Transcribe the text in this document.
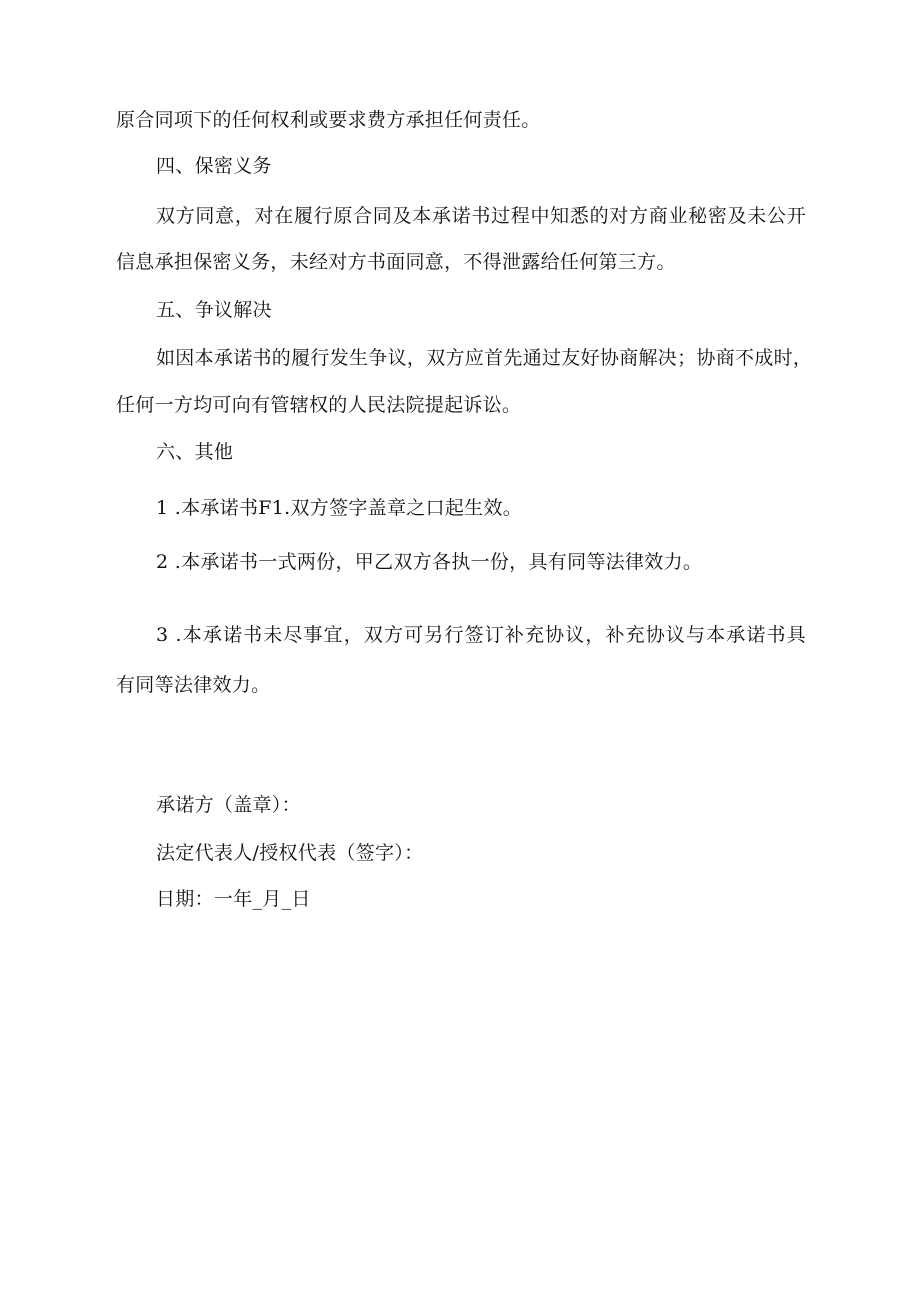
原合同项下的任何权利或要求费方承担任何责任。
四、保密义务
双方同意，对在履行原合同及本承诺书过程中知悉的对方商业秘密及未公开
信息承担保密义务，未经对方书面同意，不得泄露给任何第三方。
五、争议解决
如因本承诺书的履行发生争议，双方应首先通过友好协商解决；协商不成时，
任何一方均可向有管辖权的人民法院提起诉讼。
六、其他
1 .本承诺书F1.双方签字盖章之口起生效。
2 .本承诺书一式两份，甲乙双方各执一份，具有同等法律效力。
3 .本承诺书未尽事宜，双方可另行签订补充协议，补充协议与本承诺书具
有同等法律效力。
承诺方（盖章）：
法定代表人/授权代表（签字）：
日期：一年_月_日
